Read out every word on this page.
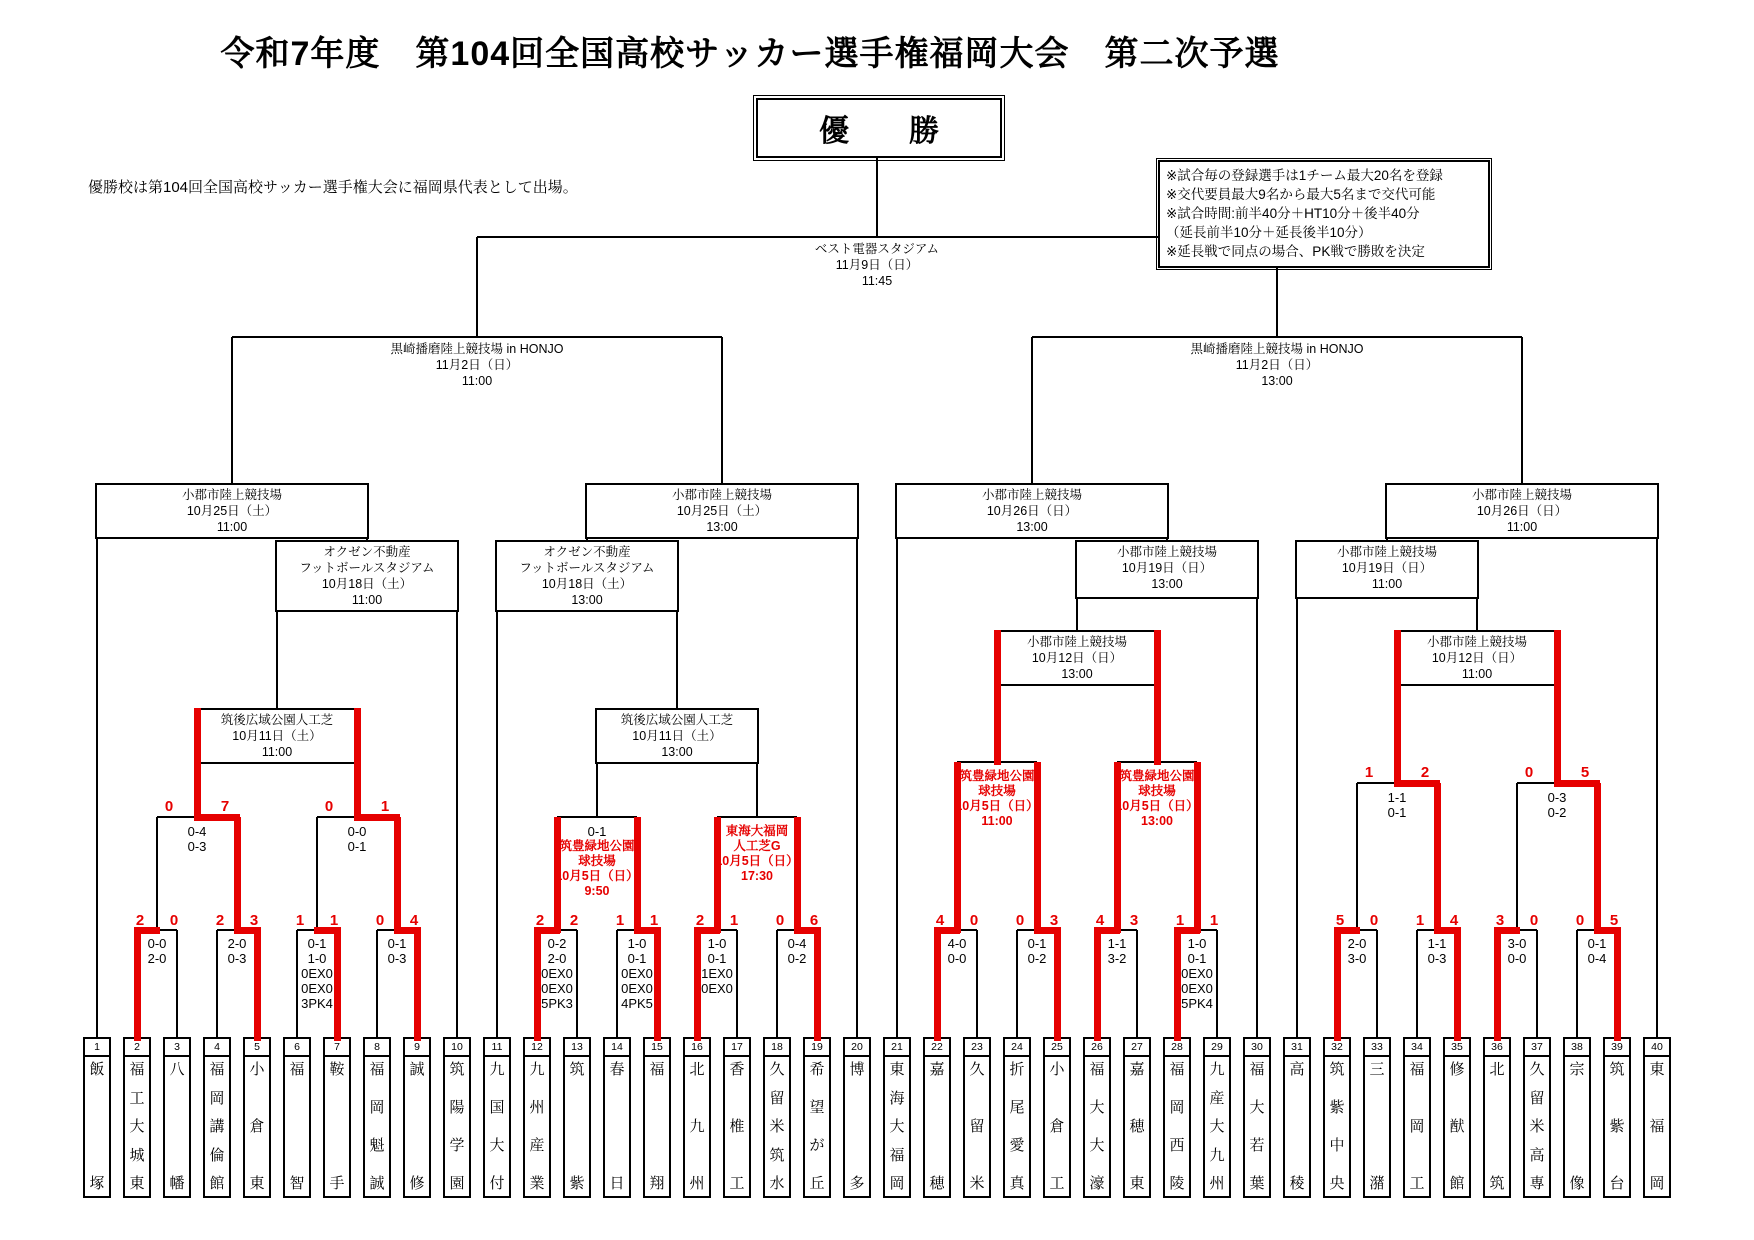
令和7年度　第104回全国高校サッカー選手権福岡大会　第二次予選
優　　勝
優勝校は第104回全国高校サッカー選手権大会に福岡県代表として出場。
※試合毎の登録選手は1チーム最大20名を登録
※交代要員最大9名から最大5名まで交代可能
※試合時間:前半40分＋HT10分＋後半40分
（延長前半10分＋延長後半10分）
※延長戦で同点の場合、PK戦で勝敗を決定
1
飯
塚
2
福
工
大
城
東
3
八
幡
4
福
岡
講
倫
館
5
小
倉
東
6
福
智
7
鞍
手
8
福
岡
魁
誠
9
誠
修
10
筑
陽
学
園
11
九
国
大
付
12
九
州
産
業
13
筑
紫
14
春
日
15
福
翔
16
北
九
州
17
香
椎
工
18
久
留
米
筑
水
19
希
望
が
丘
20
博
多
21
東
海
大
福
岡
22
嘉
穂
23
久
留
米
24
折
尾
愛
真
25
小
倉
工
26
福
大
大
濠
27
嘉
穂
東
28
福
岡
西
陵
29
九
産
大
九
州
30
福
大
若
葉
31
高
稜
32
筑
紫
中
央
33
三
潴
34
福
岡
工
35
修
猷
館
36
北
筑
37
久
留
米
高
専
38
宗
像
39
筑
紫
台
40
東
福
岡
2 0
0-0
2-0
2 3
2-0
0-3
1 1
0-1
1-0
0EX0
0EX0
3PK4
0 4
0-1
0-3
2 2
0-2
2-0
0EX0
0EX0
5PK3
1 1
1-0
0-1
0EX0
0EX0
4PK5
2 1
1-0
0-1
1EX0
0EX0
0 6
0-4
0-2
4 0
4-0
0-0
0 3
0-1
0-2
4 3
1-1
3-2
1 1
1-0
0-1
0EX0
0EX0
5PK4
5 0
2-0
3-0
1 4
1-1
0-3
3 0
3-0
0-0
0 5
0-1
0-4
0	7
0-4
0-3
0	1
0-0
0-1
0-1
筑豊緑地公園
球技場
10月5日（日）
9:50
東海大福岡
人工芝G
10月5日（日）
17:30
筑豊緑地公園
球技場
10月5日（日）
11:00
筑豊緑地公園
球技場
10月5日（日）
13:00
1	2
1-1
0-1
0	5
0-3
0-2
筑後広域公園人工芝
10月11日（土）
11:00
筑後広域公園人工芝
10月11日（土）
13:00
小郡市陸上競技場
10月12日（日）
13:00
小郡市陸上競技場
10月12日（日）
11:00
オクゼン不動産
フットボールスタジアム
10月18日（土）
11:00
オクゼン不動産
フットボールスタジアム
10月18日（土）
13:00
小郡市陸上競技場
10月19日（日）
13:00
小郡市陸上競技場
10月19日（日）
11:00
小郡市陸上競技場
10月25日（土）
11:00
小郡市陸上競技場
10月25日（土）
13:00
小郡市陸上競技場
10月26日（日）
13:00
小郡市陸上競技場
10月26日（日）
11:00
黒崎播磨陸上競技場 in HONJO
11月2日（日）
11:00
黒崎播磨陸上競技場 in HONJO
11月2日（日）
13:00
ベスト電器スタジアム
11月9日（日）
11:45
